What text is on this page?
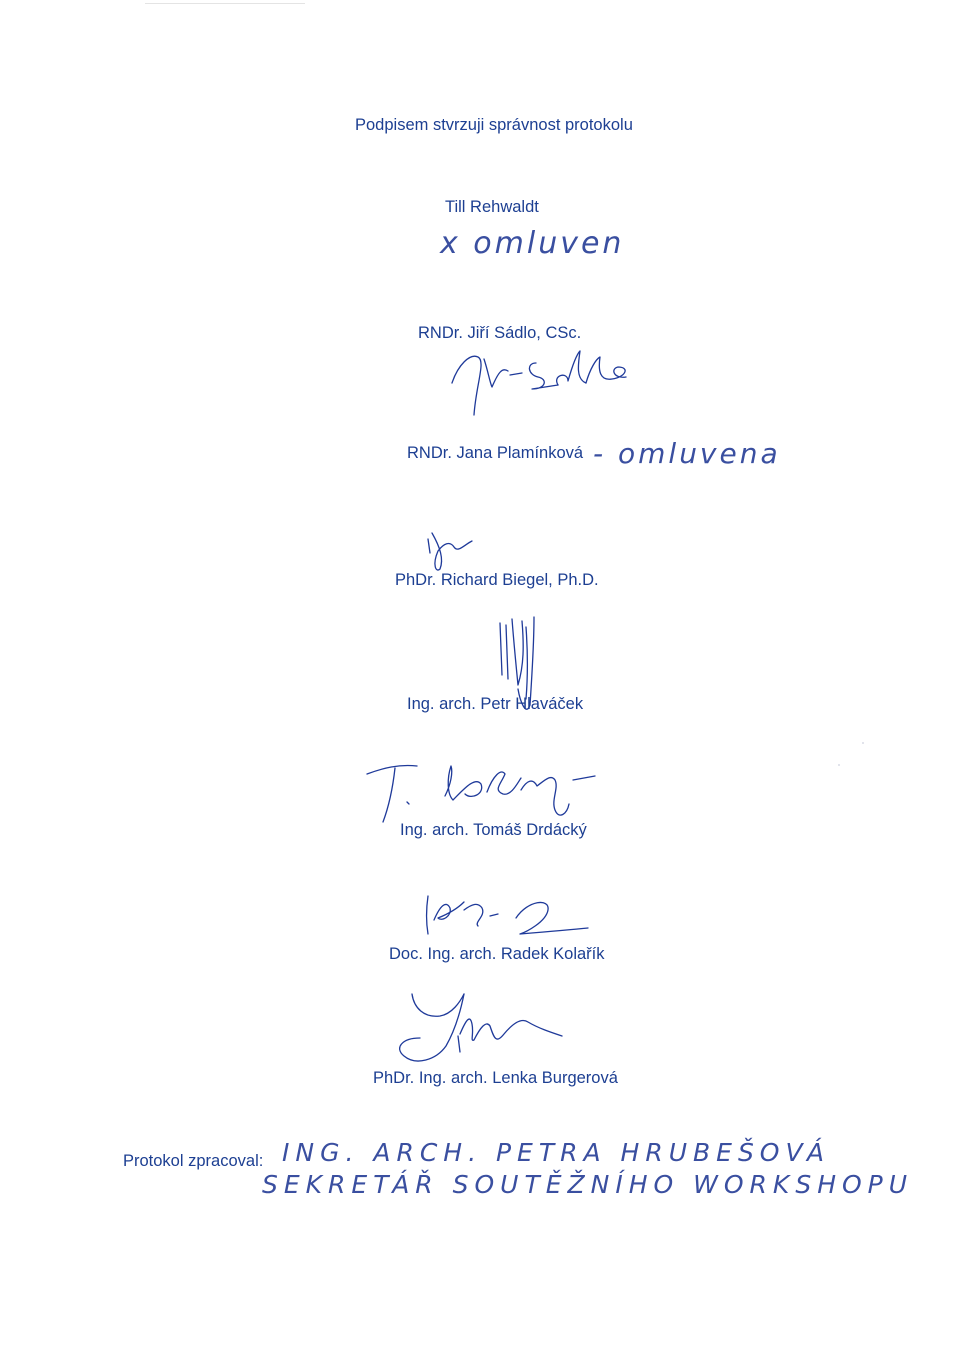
Podpisem stvrzuji správnost protokolu
Till Rehwaldt
x omluven
RNDr. Jiří Sádlo, CSc.
RNDr. Jana Plamínková - omluvena
PhDr. Richard Biegel, Ph.D.
Ing. arch. Petr Hlaváček
Ing. arch. Tomáš Drdácký
Doc. Ing. arch. Radek Kolařík
PhDr. Ing. arch. Lenka Burgerová
Protokol zpracoval: ING. ARCH. PETRA HRUBEŠOVÁ
SEKRETÁŘ SOUTĚŽNÍHO WORKSHOPU
